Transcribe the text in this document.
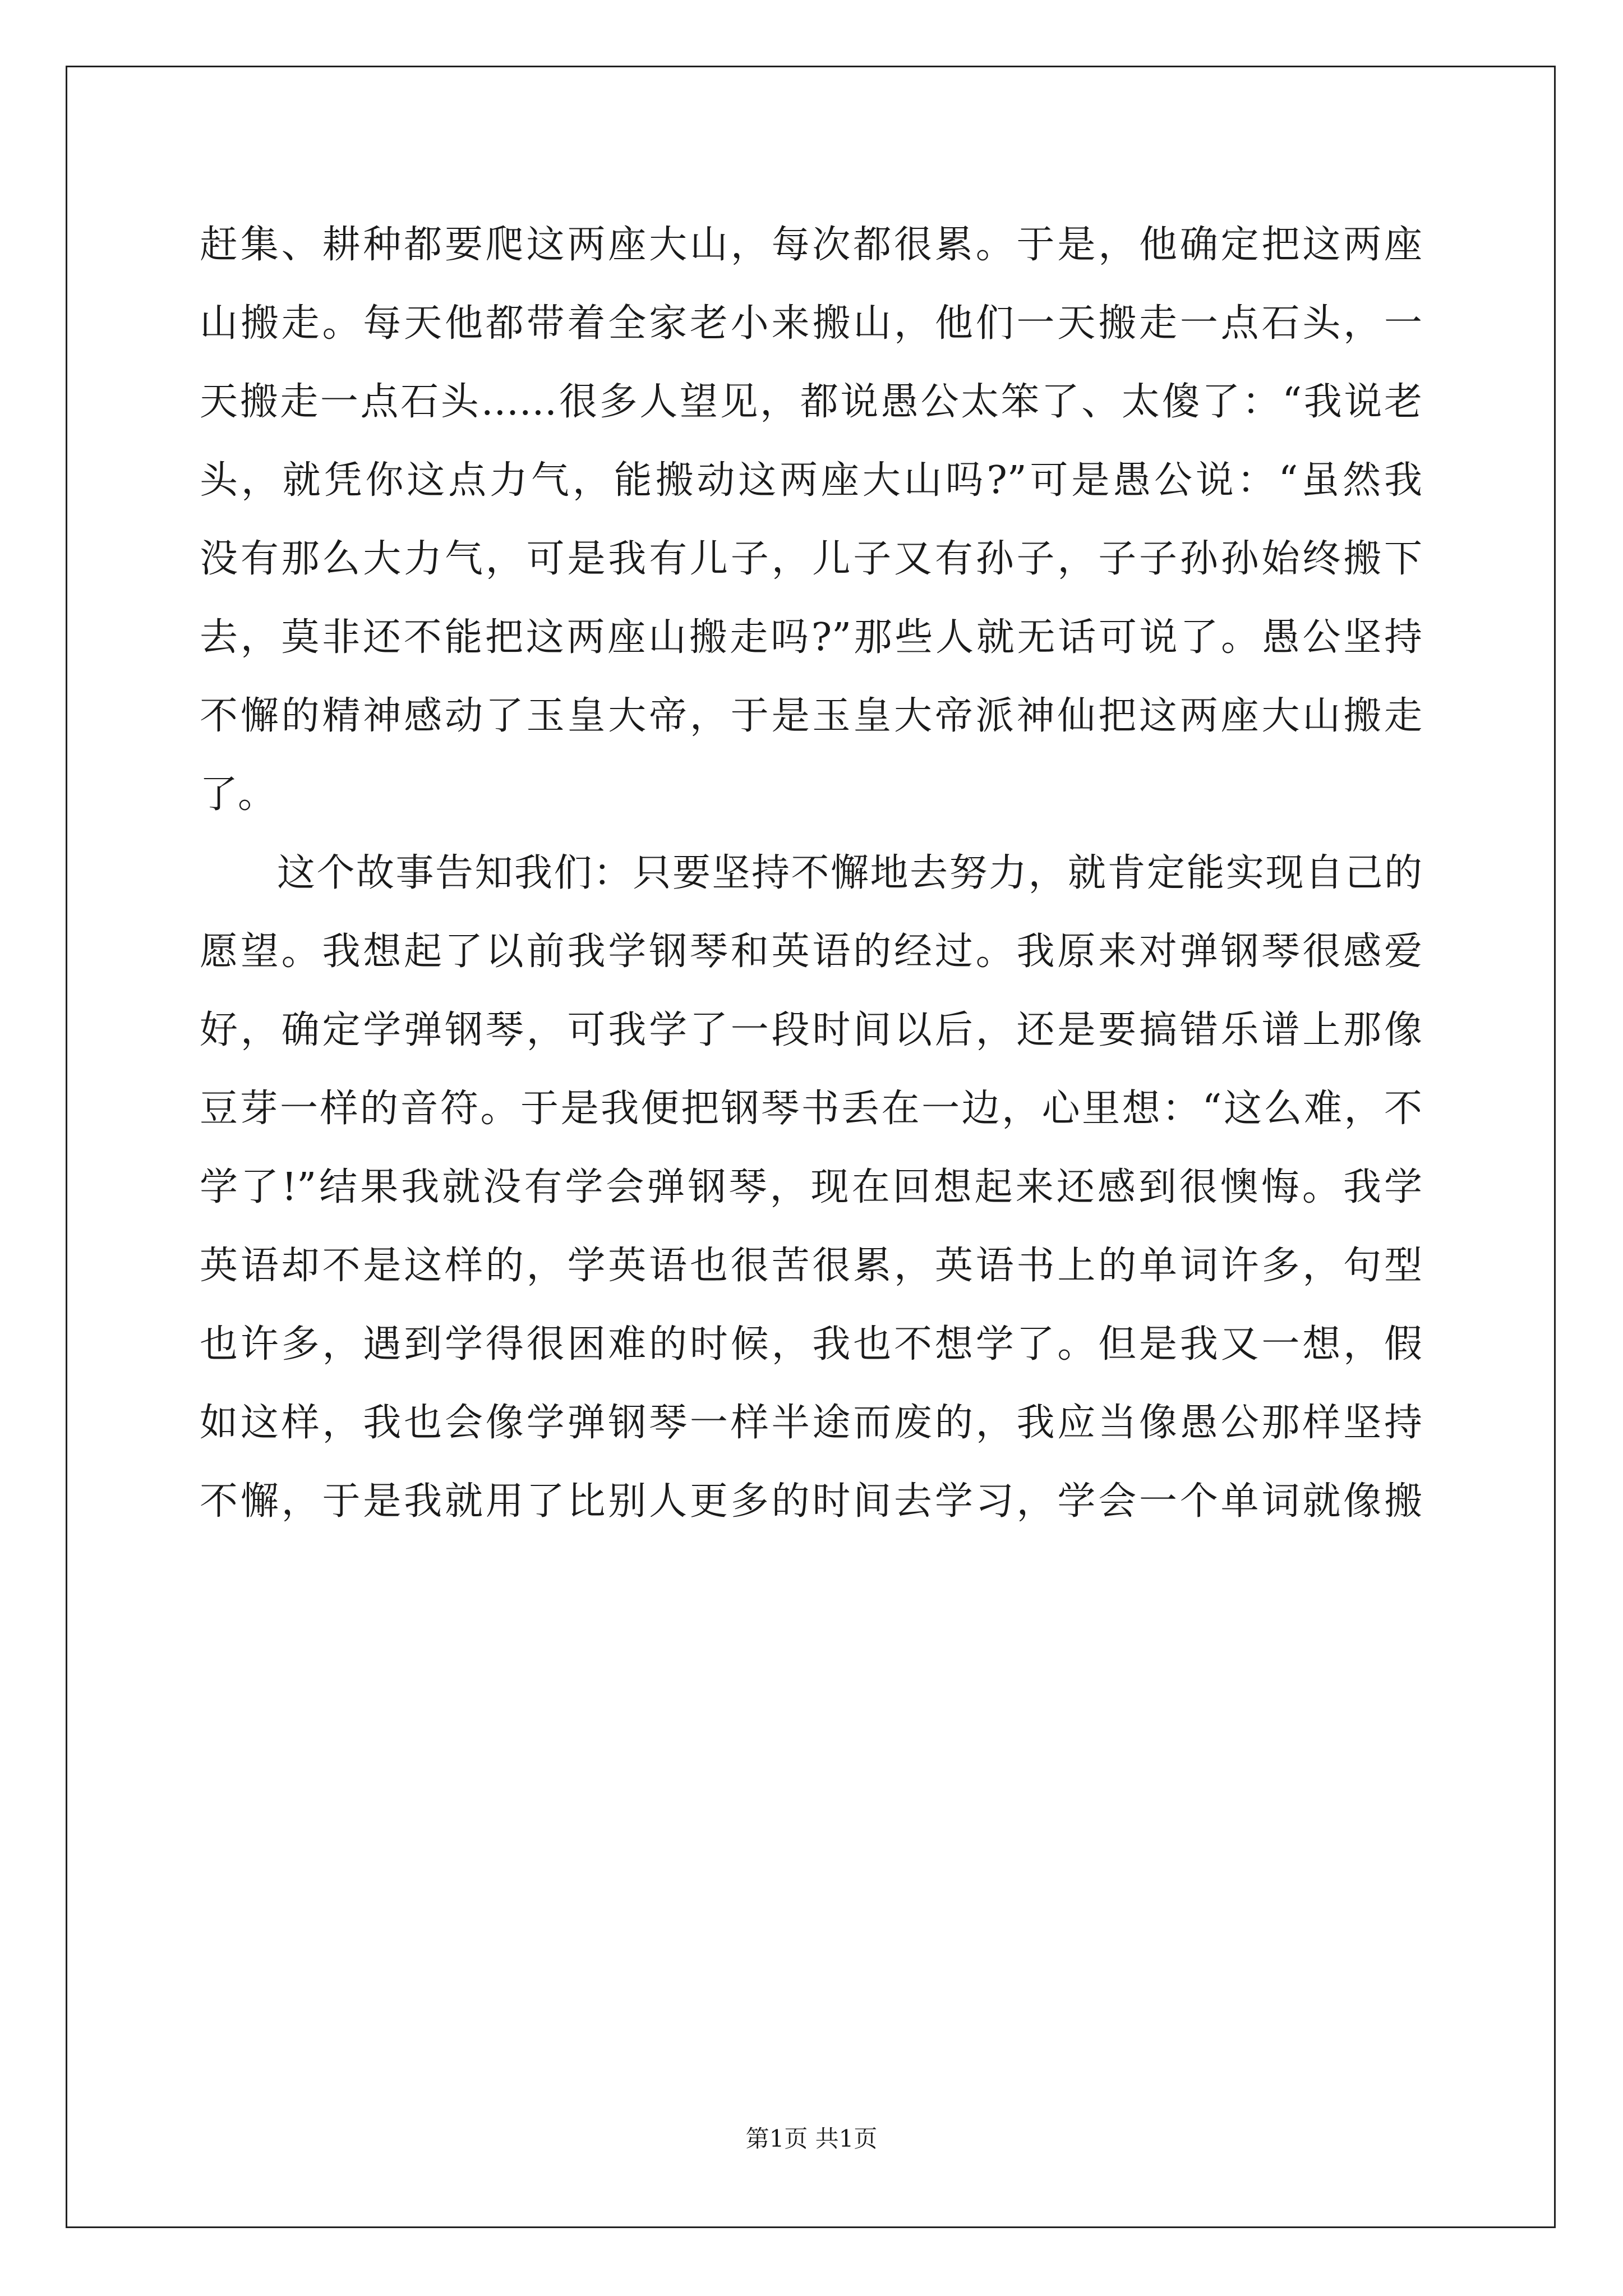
赶集、耕种都要爬这两座大山，每次都很累。于是，他确定把这两座
山搬走。每天他都带着全家老小来搬山，他们一天搬走一点石头，一
天搬走一点石头……很多人望见，都说愚公太笨了、太傻了：“我说老
头，就凭你这点力气，能搬动这两座大山吗?”可是愚公说：“虽然我
没有那么大力气，可是我有儿子，儿子又有孙子，子子孙孙始终搬下
去，莫非还不能把这两座山搬走吗?”那些人就无话可说了。愚公坚持
不懈的精神感动了玉皇大帝，于是玉皇大帝派神仙把这两座大山搬走
了。
这个故事告知我们：只要坚持不懈地去努力，就肯定能实现自己的
愿望。我想起了以前我学钢琴和英语的经过。我原来对弹钢琴很感爱
好，确定学弹钢琴，可我学了一段时间以后，还是要搞错乐谱上那像
豆芽一样的音符。于是我便把钢琴书丢在一边，心里想：“这么难，不
学了!”结果我就没有学会弹钢琴，现在回想起来还感到很懊悔。我学
英语却不是这样的，学英语也很苦很累，英语书上的单词许多，句型
也许多，遇到学得很困难的时候，我也不想学了。但是我又一想，假
如这样，我也会像学弹钢琴一样半途而废的，我应当像愚公那样坚持
不懈，于是我就用了比别人更多的时间去学习，学会一个单词就像搬
第1页 共1页
